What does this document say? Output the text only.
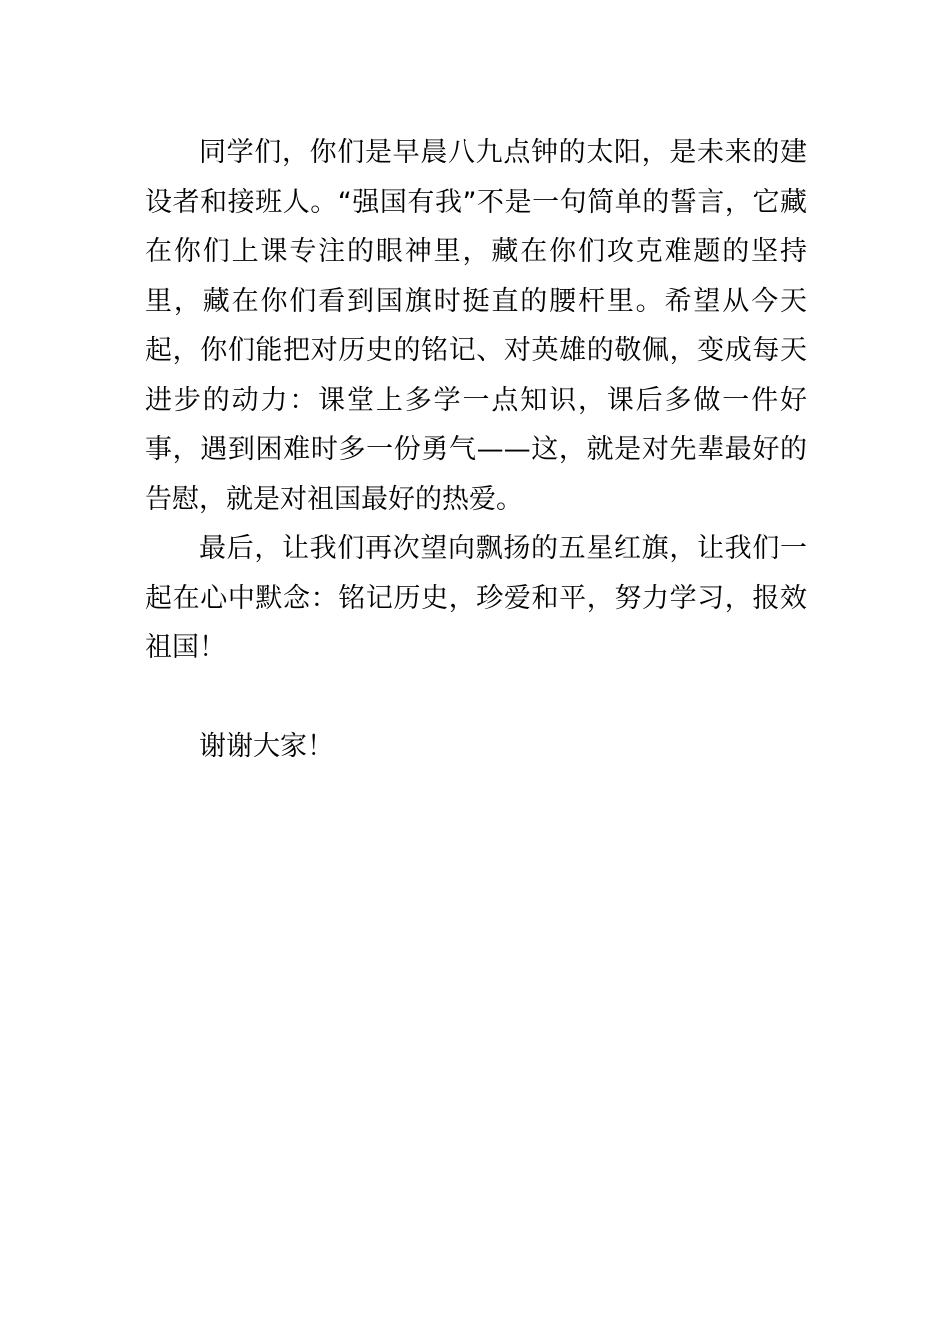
同学们，你们是早晨八九点钟的太阳，是未来的建设者和接班人。“强国有我”不是一句简单的誓言，它藏在你们上课专注的眼神里，藏在你们攻克难题的坚持里，藏在你们看到国旗时挺直的腰杆里。希望从今天起，你们能把对历史的铭记、对英雄的敬佩，变成每天进步的动力：课堂上多学一点知识，课后多做一件好事，遇到困难时多一份勇气——这，就是对先辈最好的告慰，就是对祖国最好的热爱。

最后，让我们再次望向飘扬的五星红旗，让我们一起在心中默念：铭记历史，珍爱和平，努力学习，报效祖国！

谢谢大家！
